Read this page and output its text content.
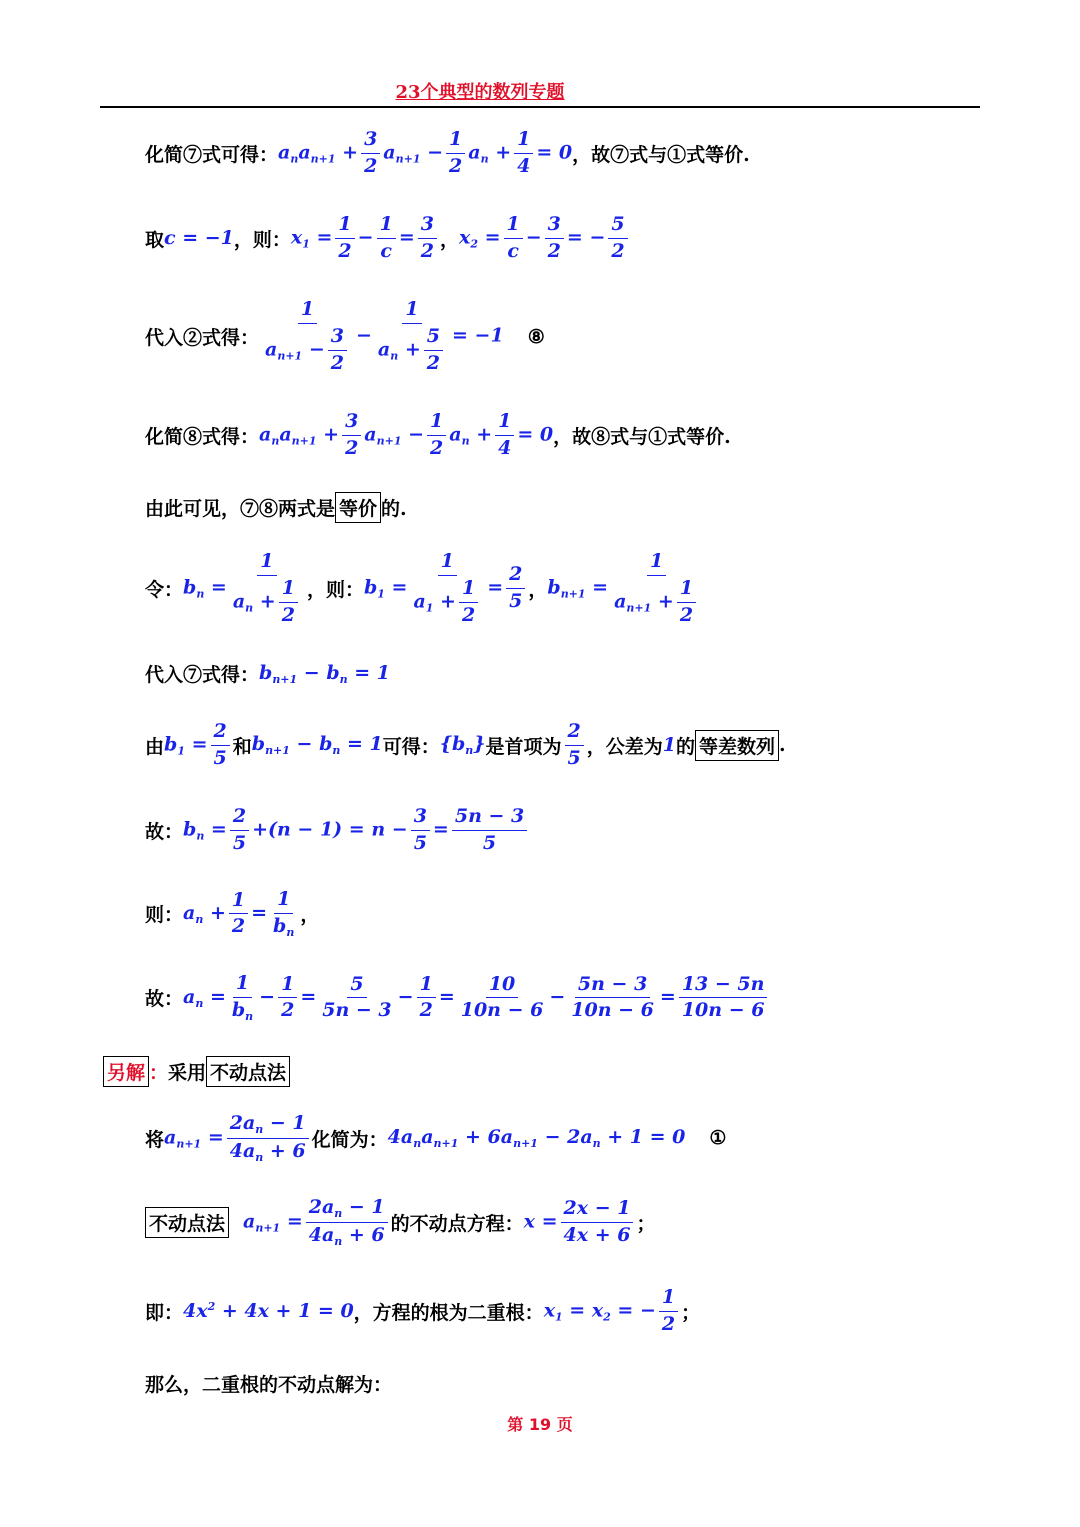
23个典型的数列专题
化简⑦式可得： $a_na_{n+1} + \frac{3}{2} a_{n+1} - \frac{1}{2} a_n + \frac{1}{4} = 0$ ，故⑦式与①式等价.
取 c = −1 ，则： $x_1 = \frac{1}{2} - \frac{1}{c} = \frac{3}{2}$ ， $x_2 = \frac{1}{c} - \frac{3}{2}$ = − $\frac{5}{2}$
代入②式得： $\frac{1}{a_{n+1} - \frac{3}{2}} - \frac{1}{a_n + \frac{5}{2}} = -1$ ⑧
化简⑧式得： $a_na_{n+1} + \frac{3}{2} a_{n+1} - \frac{1}{2} a_n + \frac{1}{4} = 0$ ，故⑧式与①式等价.
由此可见，⑦⑧两式是 等价 的.
令： $b_n = \frac{1}{a_n + \frac{1}{2}}$ ，则： $b_1 = \frac{1}{a_1 + \frac{1}{2}} = \frac{2}{5}$ ， $b_{n+1} = \frac{1}{a_{n+1} + \frac{1}{2}}$
代入⑦式得： $b_{n+1} - b_n = 1$
由 $b_1 = \frac{2}{5}$ 和 $b_{n+1} - b_n = 1$ 可得： $\{b_n\}$ 是首项为 $\frac{2}{5}$ ，公差为 1 的 等差数列 .
故： $b_n = \frac{2}{5} +(n - 1) = n - \frac{3}{5} = \frac{5n - 3}{5}$
则： $a_n + \frac{1}{2} = \frac{1}{b_n}$ ，
故： $a_n = \frac{1}{b_n} - \frac{1}{2} = \frac{5}{5n - 3} - \frac{1}{2} = \frac{10}{10n - 6} - \frac{5n - 3}{10n - 6} = \frac{13 - 5n}{10n - 6}$
另解 ： 采用 不动点法
将 $a_{n+1} = \frac{2a_n - 1}{4a_n + 6}$ 化简为： $4a_na_{n+1} + 6a_{n+1} - 2a_n + 1 = 0$ ①
不动点法 $a_{n+1} = \frac{2a_n - 1}{4a_n + 6}$ 的不动点方程： $x = \frac{2x - 1}{4x + 6}$ ；
即： $4x^2 + 4x + 1 = 0$ ，方程的根为二重根： $x_1 = x_2$ = − $\frac{1}{2}$ ；
那么，二重根的不动点解为：
第 19 页
